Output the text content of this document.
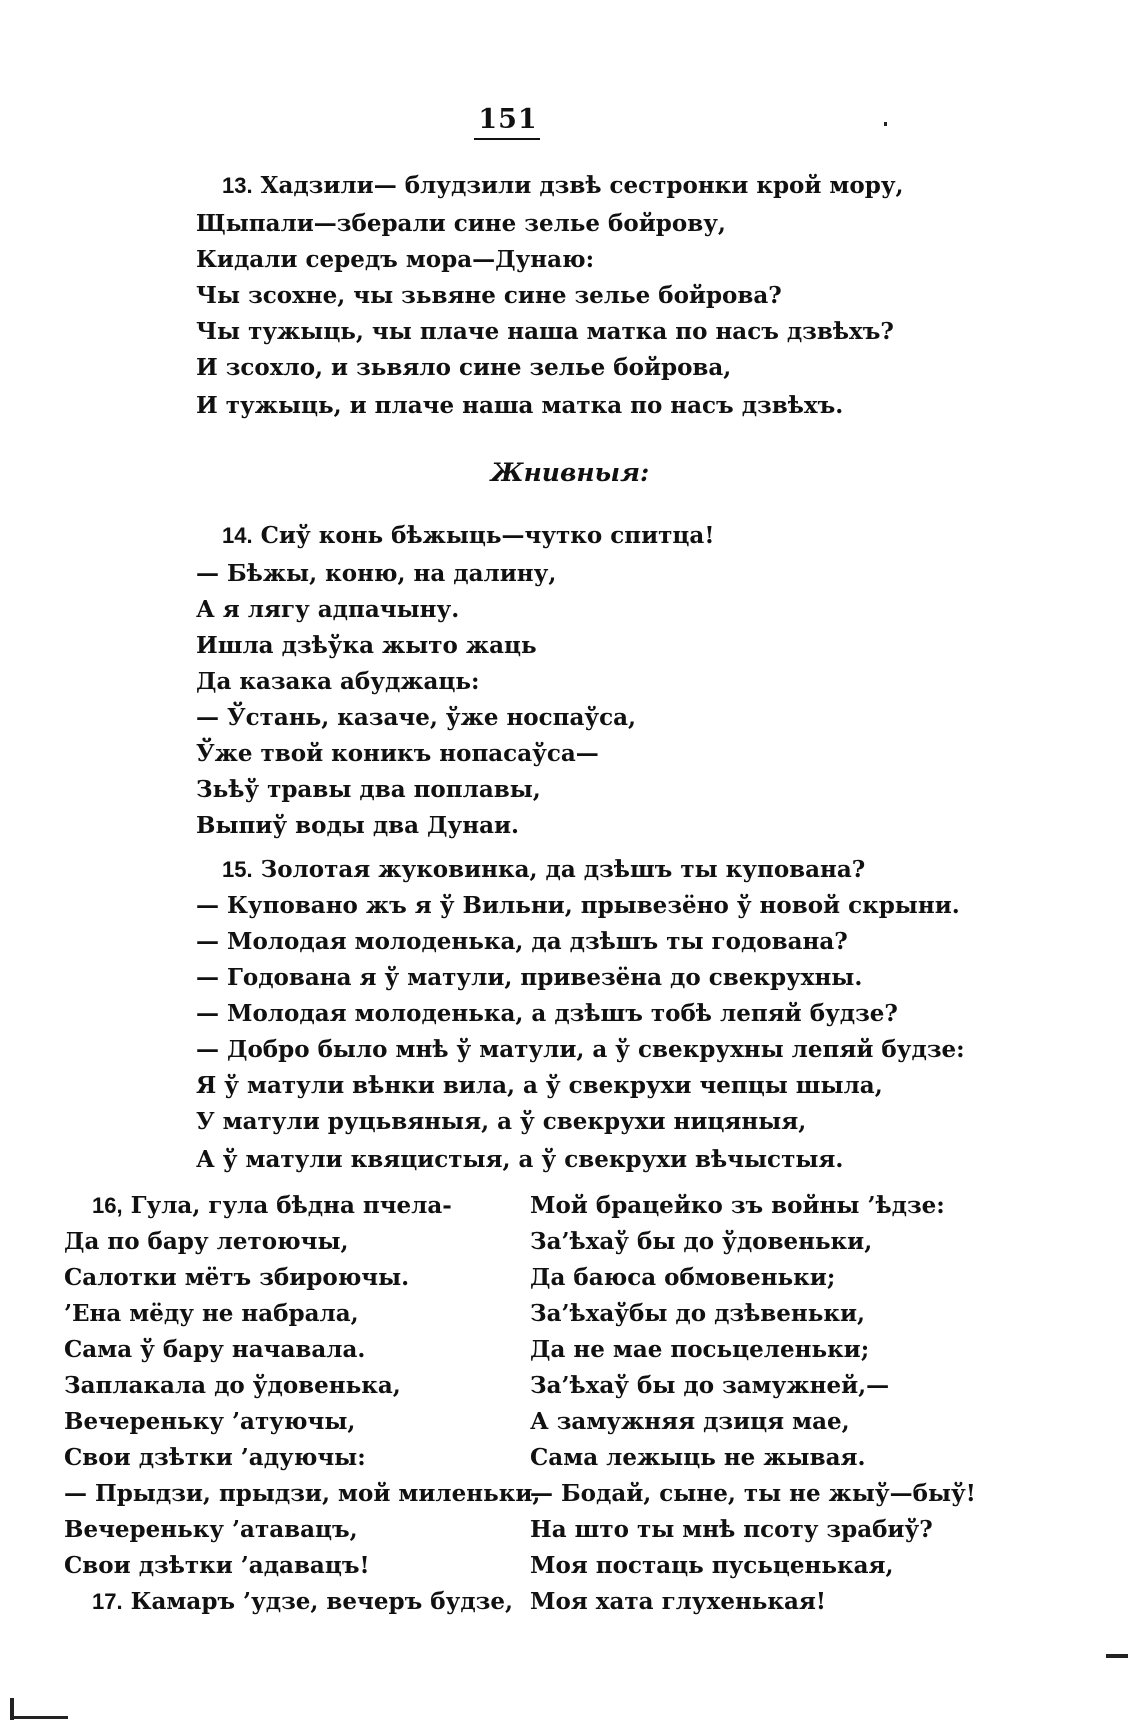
151
13. Хадзили— блудзили дзвѣ сестронки крой мору,
Щыпали—збeрали сине зелье бойрову,
Кидали середъ мора—Дунаю:
Чы зсохне, чы зьвяне сине зелье бойрова?
Чы тужыць, чы плаче наша матка по насъ дзвѣхъ?
И зсохло, и зьвяло сине зелье бойрова,
И тужыць, и плаче наша матка по насъ дзвѣхъ.
Жнивныя:
14. Сиў конь бѣжыць—чутко спитца!
— Бѣжы, коню, на далину,
А я лягу адпачыну.
Ишла дзѣўка жыто жаць
Да казака абуджаць:
— Ўстань, казаче, ўже носпаўса,
Ўже твой коникъ нопасаўса—
Зьѣў травы два поплавы,
Выпиў воды два Дунаи.
15. Золотая жуковинка, да дзѣшъ ты купована?
— Куповано жъ я ў Вильни, прывезёно ў новой скрыни.
— Молодая молоденька, да дзѣшъ ты годована?
— Годована я ў матули, привезёна до свекрухны.
— Молодая молоденька, а дзѣшъ тобѣ лепяй будзе?
— Добро было мнѣ ў матули, а ў свекрухны лепяй будзе:
Я ў матули вѣнки вила, а ў свекрухи чепцы шыла,
У матули руцьвяныя, а ў свекрухи ницяныя,
А ў матули квяцистыя, а ў свекрухи вѣчыстыя.
16, Гула, гула бѣдна пчела-
Да по бару летоючы,
Салотки мётъ збироючы.
’Ена мёду не набрала,
Сама ў бару начавала.
Заплакала до ўдовенька,
Вечереньку ’атуючы,
Свои дзѣтки ’адуючы:
— Прыдзи, прыдзи, мой миленьки,
Вечереньку ’атавацъ,
Свои дзѣтки ’адавацъ!
17. Камаръ ’удзе, вечеръ будзе,
Мой брацейко зъ войны ’ѣдзе:
За’ѣхаў бы до ўдовеньки,
Да баюса обмовеньки;
За’ѣхаўбы до дзѣвеньки,
Да не мае посьцеленьки;
За’ѣхаў бы до замужней,—
А замужняя дзиця мае,
Сама лежыць не жывая.
— Бодай, сыне, ты не жыў—быў!
На што ты мнѣ псоту зрабиў?
Моя постаць пусьценькая,
Моя хата глухенькая!
